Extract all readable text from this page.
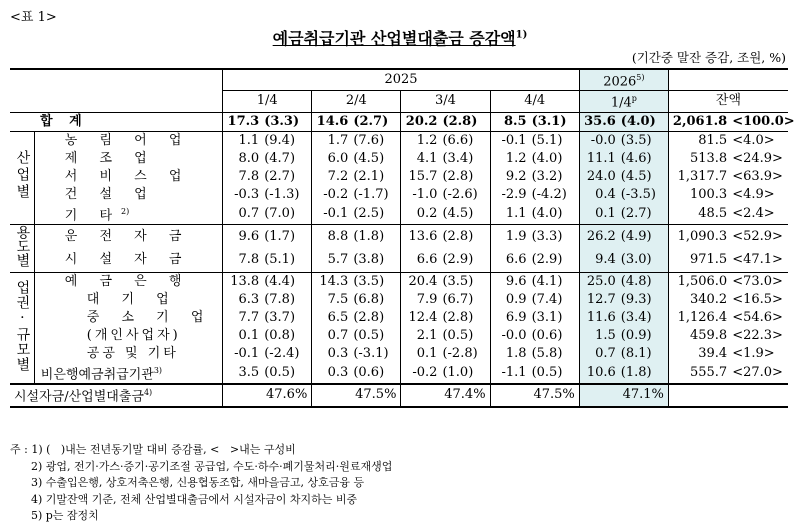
<표 1>
예금취급기관 산업별대출금 증감액$^{1)}$
(기간중 말잔 증감, 조원, %)
		2025								2026$^{5)}$	
		1/4		2/4		3/4		4/4		1/4$^p$		잔액	
합 계		17.3	(3.3)	14.6	(2.7)	20.2	(2.8)	8.5	(3.1)	35.6	(4.0)	2,061.8	<100.0>
산업별	농 림 어 업	1.1	(9.4)	1.7	(7.6)	1.2	(6.6)	-0.1	(5.1)	-0.0	(3.5)	81.5	<4.0>
	제 조 업	8.0	(4.7)	6.0	(4.5)	4.1	(3.4)	1.2	(4.0)	11.1	(4.6)	513.8	<24.9>
	서 비 스 업	7.8	(2.7)	7.2	(2.1)	15.7	(2.8)	9.2	(3.2)	24.0	(4.5)	1,317.7	<63.9>
	건 설 업	-0.3	(-1.3)	-0.2	(-1.7)	-1.0	(-2.6)	-2.9	(-4.2)	0.4	(-3.5)	100.3	<4.9>
	기 타$^{2)}$	0.7	(7.0)	-0.1	(2.5)	0.2	(4.5)	1.1	(4.0)	0.1	(2.7)	48.5	<2.4>
용도별	운 전 자 금	9.6	(1.7)	8.8	(1.8)	13.6	(2.8)	1.9	(3.3)	26.2	(4.9)	1,090.3	<52.9>
	시 설 자 금	7.8	(5.1)	5.7	(3.8)	6.6	(2.9)	6.6	(2.9)	9.4	(3.0)	971.5	<47.1>
업권·규모별	예 금 은 행	13.8	(4.4)	14.3	(3.5)	20.4	(3.5)	9.6	(4.1)	25.0	(4.8)	1,506.0	<73.0>
	대 기 업	6.3	(7.8)	7.5	(6.8)	7.9	(6.7)	0.9	(7.4)	12.7	(9.3)	340.2	<16.5>
	중 소 기 업	7.7	(3.7)	6.5	(2.8)	12.4	(2.8)	6.9	(3.1)	11.6	(3.4)	1,126.4	<54.6>
	(개인사업자)	0.1	(0.8)	0.7	(0.5)	2.1	(0.5)	-0.0	(0.6)	1.5	(0.9)	459.8	<22.3>
	공공 및 기타	-0.1	(-2.4)	0.3	(-3.1)	0.1	(-2.8)	1.8	(5.8)	0.7	(8.1)	39.4	<1.9>
	비은행예금취급기관$^{3)}$	3.5	(0.5)	0.3	(0.6)	-0.2	(1.0)	-1.1	(0.5)	10.6	(1.8)	555.7	<27.0>
시설자금/산업별대출금$^{4)}$		47.6%		47.5%		47.4%		47.5%		47.1%			
주 : 1) (   )내는 전년동기말 대비 증감률, <   >내는 구성비
2) 광업, 전기·가스·증기·공기조절 공급업, 수도·하수·폐기물처리·원료재생업
3) 수출입은행, 상호저축은행, 신용협동조합, 새마을금고, 상호금융 등
4) 기말잔액 기준, 전체 산업별대출금에서 시설자금이 차지하는 비중
5) p는 잠정치
